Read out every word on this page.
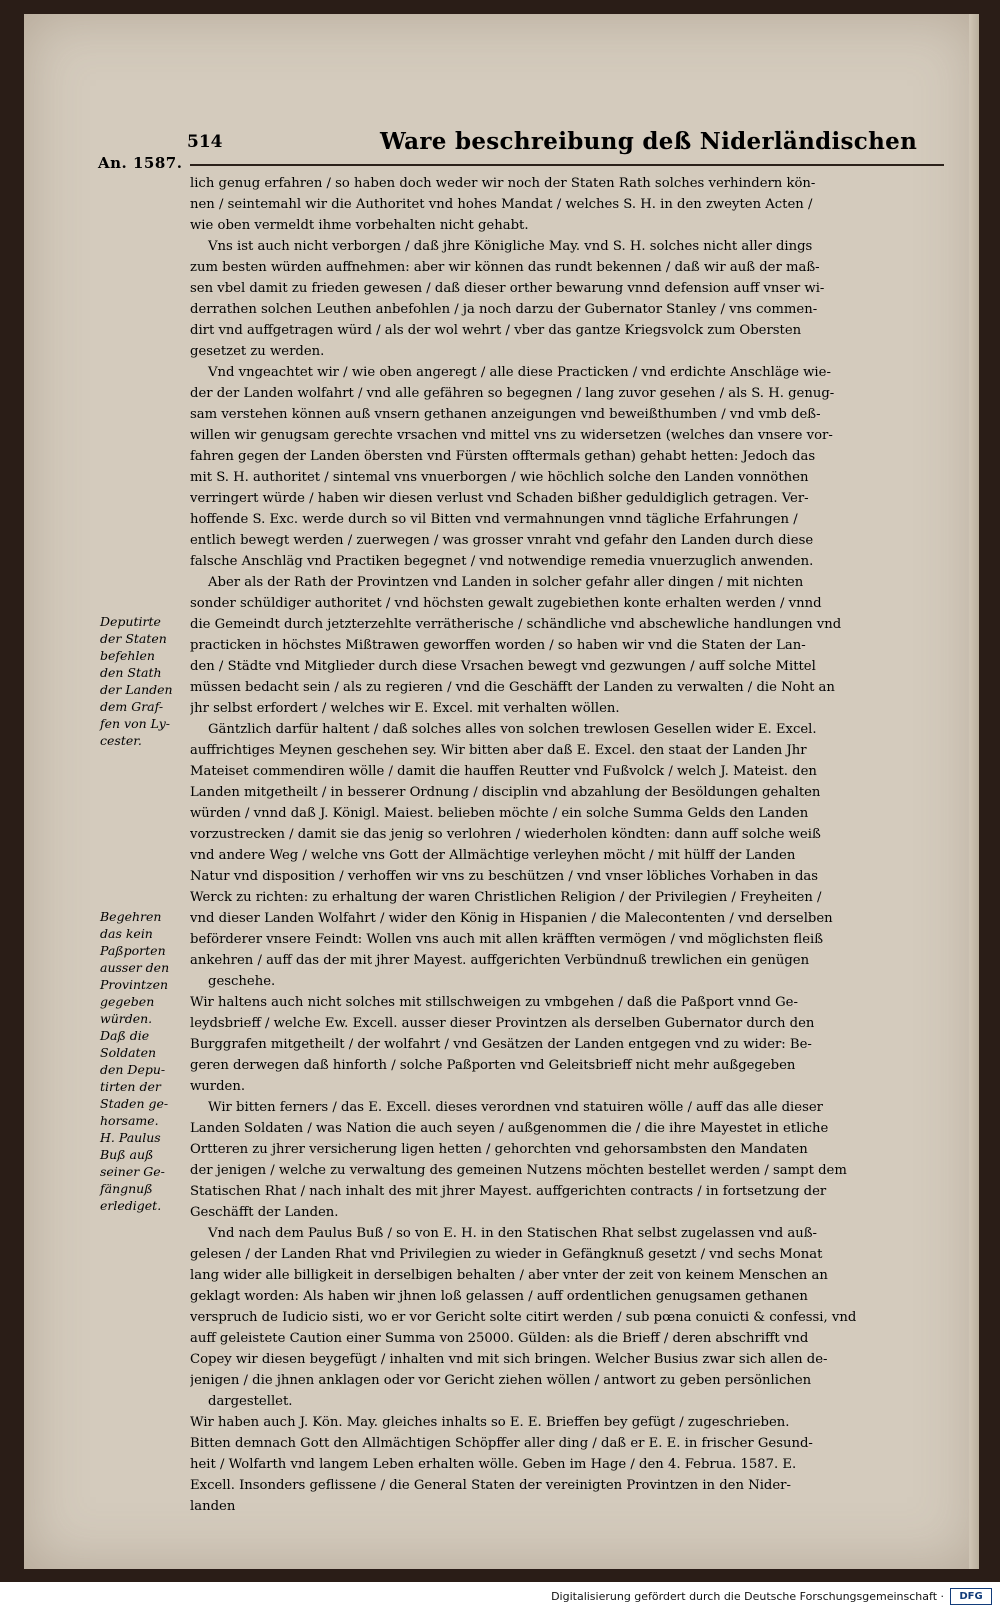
An. 1587.
514	Ware beschreibung deß Niderländischen
Deputirte
der Staten
befehlen
den Stath
der Landen
dem Graf-
fen von Ly-
cester.
Begehren
das kein
Paßporten
ausser den
Provintzen
gegeben
würden.
Daß die
Soldaten
den Depu-
tirten der
Staden ge-
horsame.
H. Paulus
Buß auß
seiner Ge-
fängnuß
erlediget.
lich genug erfahren / so haben doch weder wir noch der Staten Rath solches verhindern kön-
nen / seintemahl wir die Authoritet vnd hohes Mandat / welches S. H. in den zweyten Acten /
wie oben vermeldt ihme vorbehalten nicht gehabt.
Vns ist auch nicht verborgen / daß jhre Königliche May. vnd S. H. solches nicht aller dings
zum besten würden auffnehmen: aber wir können das rundt bekennen / daß wir auß der maß-
sen vbel damit zu frieden gewesen / daß dieser orther bewarung vnnd defension auff vnser wi-
derrathen solchen Leuthen anbefohlen / ja noch darzu der Gubernator Stanley / vns commen-
dirt vnd auffgetragen würd / als der wol wehrt / vber das gantze Kriegsvolck zum Obersten
gesetzet zu werden.
Vnd vngeachtet wir / wie oben angeregt / alle diese Practicken / vnd erdichte Anschläge wie-
der der Landen wolfahrt / vnd alle gefähren so begegnen / lang zuvor gesehen / als S. H. genug-
sam verstehen können auß vnsern gethanen anzeigungen vnd beweißthumben / vnd vmb deß-
willen wir genugsam gerechte vrsachen vnd mittel vns zu widersetzen (welches dan vnsere vor-
fahren gegen der Landen öbersten vnd Fürsten offtermals gethan) gehabt hetten: Jedoch das
mit S. H. authoritet / sintemal vns vnuerborgen / wie höchlich solche den Landen vonnöthen
verringert würde / haben wir diesen verlust vnd Schaden bißher geduldiglich getragen. Ver-
hoffende S. Exc. werde durch so vil Bitten vnd vermahnungen vnnd tägliche Erfahrungen /
entlich bewegt werden / zuerwegen / was grosser vnraht vnd gefahr den Landen durch diese
falsche Anschläg vnd Practiken begegnet / vnd notwendige remedia vnuerzuglich anwenden.
Aber als der Rath der Provintzen vnd Landen in solcher gefahr aller dingen / mit nichten
sonder schüldiger authoritet / vnd höchsten gewalt zugebiethen konte erhalten werden / vnnd
die Gemeindt durch jetzterzehlte verrätherische / schändliche vnd abschewliche handlungen vnd
practicken in höchstes Mißtrawen geworffen worden / so haben wir vnd die Staten der Lan-
den / Städte vnd Mitglieder durch diese Vrsachen bewegt vnd gezwungen / auff solche Mittel
müssen bedacht sein / als zu regieren / vnd die Geschäfft der Landen zu verwalten / die Noht an
jhr selbst erfordert / welches wir E. Excel. mit verhalten wöllen.
Gäntzlich darfür haltent / daß solches alles von solchen trewlosen Gesellen wider E. Excel.
auffrichtiges Meynen geschehen sey. Wir bitten aber daß E. Excel. den staat der Landen Jhr
Mateiset commendiren wölle / damit die hauffen Reutter vnd Fußvolck / welch J. Mateist. den
Landen mitgetheilt / in besserer Ordnung / disciplin vnd abzahlung der Besöldungen gehalten
würden / vnnd daß J. Königl. Maiest. belieben möchte / ein solche Summa Gelds den Landen
vorzustrecken / damit sie das jenig so verlohren / wiederholen köndten: dann auff solche weiß
vnd andere Weg / welche vns Gott der Allmächtige verleyhen möcht / mit hülff der Landen
Natur vnd disposition / verhoffen wir vns zu beschützen / vnd vnser löbliches Vorhaben in das
Werck zu richten: zu erhaltung der waren Christlichen Religion / der Privilegien / Freyheiten /
vnd dieser Landen Wolfahrt / wider den König in Hispanien / die Malecontenten / vnd derselben
beförderer vnsere Feindt: Wollen vns auch mit allen kräfften vermögen / vnd möglichsten fleiß
ankehren / auff das der mit jhrer Mayest. auffgerichten Verbündnuß trewlichen ein genügen
geschehe.
Wir haltens auch nicht solches mit stillschweigen zu vmbgehen / daß die Paßport vnnd Ge-
leydsbrieff / welche Ew. Excell. ausser dieser Provintzen als derselben Gubernator durch den
Burggrafen mitgetheilt / der wolfahrt / vnd Gesätzen der Landen entgegen vnd zu wider: Be-
geren derwegen daß hinforth / solche Paßporten vnd Geleitsbrieff nicht mehr außgegeben
wurden.
Wir bitten ferners / das E. Excell. dieses verordnen vnd statuiren wölle / auff das alle dieser
Landen Soldaten / was Nation die auch seyen / außgenommen die / die ihre Mayestet in etliche
Ortteren zu jhrer versicherung ligen hetten / gehorchten vnd gehorsambsten den Mandaten
der jenigen / welche zu verwaltung des gemeinen Nutzens möchten bestellet werden / sampt dem
Statischen Rhat / nach inhalt des mit jhrer Mayest. auffgerichten contracts / in fortsetzung der
Geschäfft der Landen.
Vnd nach dem Paulus Buß / so von E. H. in den Statischen Rhat selbst zugelassen vnd auß-
gelesen / der Landen Rhat vnd Privilegien zu wieder in Gefängknuß gesetzt / vnd sechs Monat
lang wider alle billigkeit in derselbigen behalten / aber vnter der zeit von keinem Menschen an
geklagt worden: Als haben wir jhnen loß gelassen / auff ordentlichen genugsamen gethanen
verspruch de Iudicio sisti, wo er vor Gericht solte citirt werden / sub pœna conuicti & confessi, vnd
auff geleistete Caution einer Summa von 25000. Gülden: als die Brieff / deren abschrifft vnd
Copey wir diesen beygefügt / inhalten vnd mit sich bringen. Welcher Busius zwar sich allen de-
jenigen / die jhnen anklagen oder vor Gericht ziehen wöllen / antwort zu geben persönlichen
dargestellet.
Wir haben auch J. Kön. May. gleiches inhalts so E. E. Brieffen bey gefügt / zugeschrieben.
Bitten demnach Gott den Allmächtigen Schöpffer aller ding / daß er E. E. in frischer Gesund-
heit / Wolfarth vnd langem Leben erhalten wölle. Geben im Hage / den 4. Februa. 1587. E.
Excell. Insonders geflissene / die General Staten der vereinigten Provintzen in den Nider-
landen
Digitalisierung gefördert durch die Deutsche Forschungsgemeinschaft ·	DFG
